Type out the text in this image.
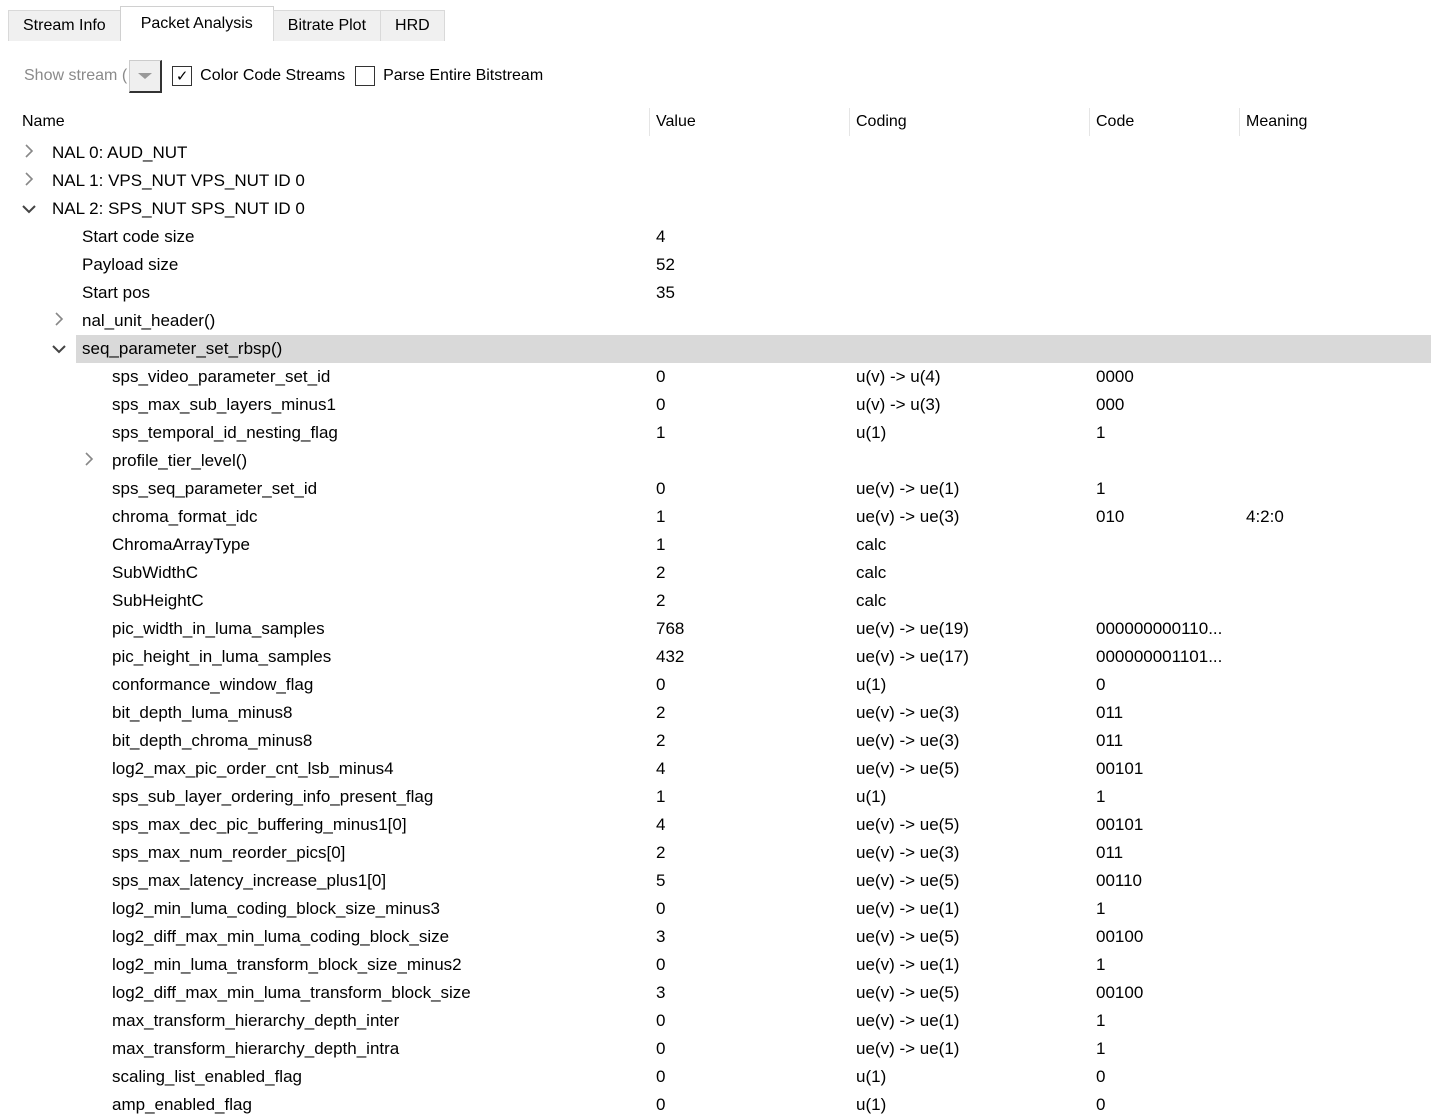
Stream Info	Packet Analysis	Bitrate Plot	HRD
Show stream (	✓ Color Code Streams Parse Entire Bitstream
Name	Value	Coding	Code	Meaning
NAL 0: AUD_NUT
NAL 1: VPS_NUT VPS_NUT ID 0
NAL 2: SPS_NUT SPS_NUT ID 0
Start code size	4
Payload size	52
Start pos	35
nal_unit_header()
seq_parameter_set_rbsp()
sps_video_parameter_set_id	0	u(v) -> u(4)	0000
sps_max_sub_layers_minus1	0	u(v) -> u(3)	000
sps_temporal_id_nesting_flag	1	u(1)	1
profile_tier_level()
sps_seq_parameter_set_id	0	ue(v) -> ue(1)	1
chroma_format_idc	1	ue(v) -> ue(3)	010	4:2:0
ChromaArrayType	1	calc
SubWidthC	2	calc
SubHeightC	2	calc
pic_width_in_luma_samples	768	ue(v) -> ue(19)	000000000110...
pic_height_in_luma_samples	432	ue(v) -> ue(17)	000000001101...
conformance_window_flag	0	u(1)	0
bit_depth_luma_minus8	2	ue(v) -> ue(3)	011
bit_depth_chroma_minus8	2	ue(v) -> ue(3)	011
log2_max_pic_order_cnt_lsb_minus4	4	ue(v) -> ue(5)	00101
sps_sub_layer_ordering_info_present_flag	1	u(1)	1
sps_max_dec_pic_buffering_minus1[0]	4	ue(v) -> ue(5)	00101
sps_max_num_reorder_pics[0]	2	ue(v) -> ue(3)	011
sps_max_latency_increase_plus1[0]	5	ue(v) -> ue(5)	00110
log2_min_luma_coding_block_size_minus3	0	ue(v) -> ue(1)	1
log2_diff_max_min_luma_coding_block_size	3	ue(v) -> ue(5)	00100
log2_min_luma_transform_block_size_minus2	0	ue(v) -> ue(1)	1
log2_diff_max_min_luma_transform_block_size	3	ue(v) -> ue(5)	00100
max_transform_hierarchy_depth_inter	0	ue(v) -> ue(1)	1
max_transform_hierarchy_depth_intra	0	ue(v) -> ue(1)	1
scaling_list_enabled_flag	0	u(1)	0
amp_enabled_flag	0	u(1)	0
